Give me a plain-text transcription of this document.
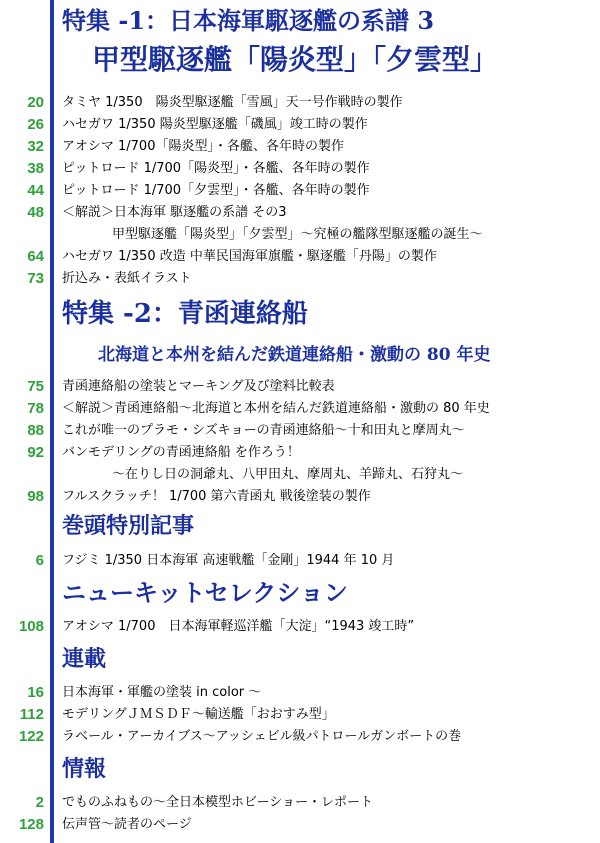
特集 -1：日本海軍駆逐艦の系譜 3
甲型駆逐艦「陽炎型」「夕雲型」
20 タミヤ 1/350　陽炎型駆逐艦「雪風」天一号作戦時の製作
26 ハセガワ 1/350 陽炎型駆逐艦「磯風」竣工時の製作
32 アオシマ 1/700「陽炎型」・各艦、各年時の製作
38 ピットロード 1/700「陽炎型」・各艦、各年時の製作
44 ピットロード 1/700「夕雲型」・各艦、各年時の製作
48 ＜解説＞日本海軍 駆逐艦の系譜 その3
甲型駆逐艦「陽炎型」「夕雲型」〜究極の艦隊型駆逐艦の誕生〜
64 ハセガワ 1/350 改造 中華民国海軍旗艦・駆逐艦「丹陽」の製作
73 折込み・表紙イラスト
特集 -2：青函連絡船
北海道と本州を結んだ鉄道連絡船・激動の 80 年史
75 青函連絡船の塗装とマーキング及び塗料比較表
78 ＜解説＞青函連絡船〜北海道と本州を結んだ鉄道連絡船・激動の 80 年史
88 これが唯一のプラモ・シズキョーの青函連絡船〜十和田丸と摩周丸〜
92 バンモデリングの青函連絡船 を作ろう！
〜在りし日の洞爺丸、八甲田丸、摩周丸、羊蹄丸、石狩丸〜
98 フルスクラッチ！ 1/700 第六青函丸 戦後塗装の製作
巻頭特別記事
6 フジミ 1/350 日本海軍 高速戦艦「金剛」1944 年 10 月
ニューキットセレクション
108 アオシマ 1/700　日本海軍軽巡洋艦「大淀」“1943 竣工時”
連載
16 日本海軍・軍艦の塗装 in color 〜
112 モデリングＪＭＳＤＦ〜輸送艦「おおすみ型」
122 ラベール・アーカイブス〜アッシェビル級パトロールガンボートの巻
情報
2 でものふねもの〜全日本模型ホビーショー・レポート
128 伝声管〜読者のページ
